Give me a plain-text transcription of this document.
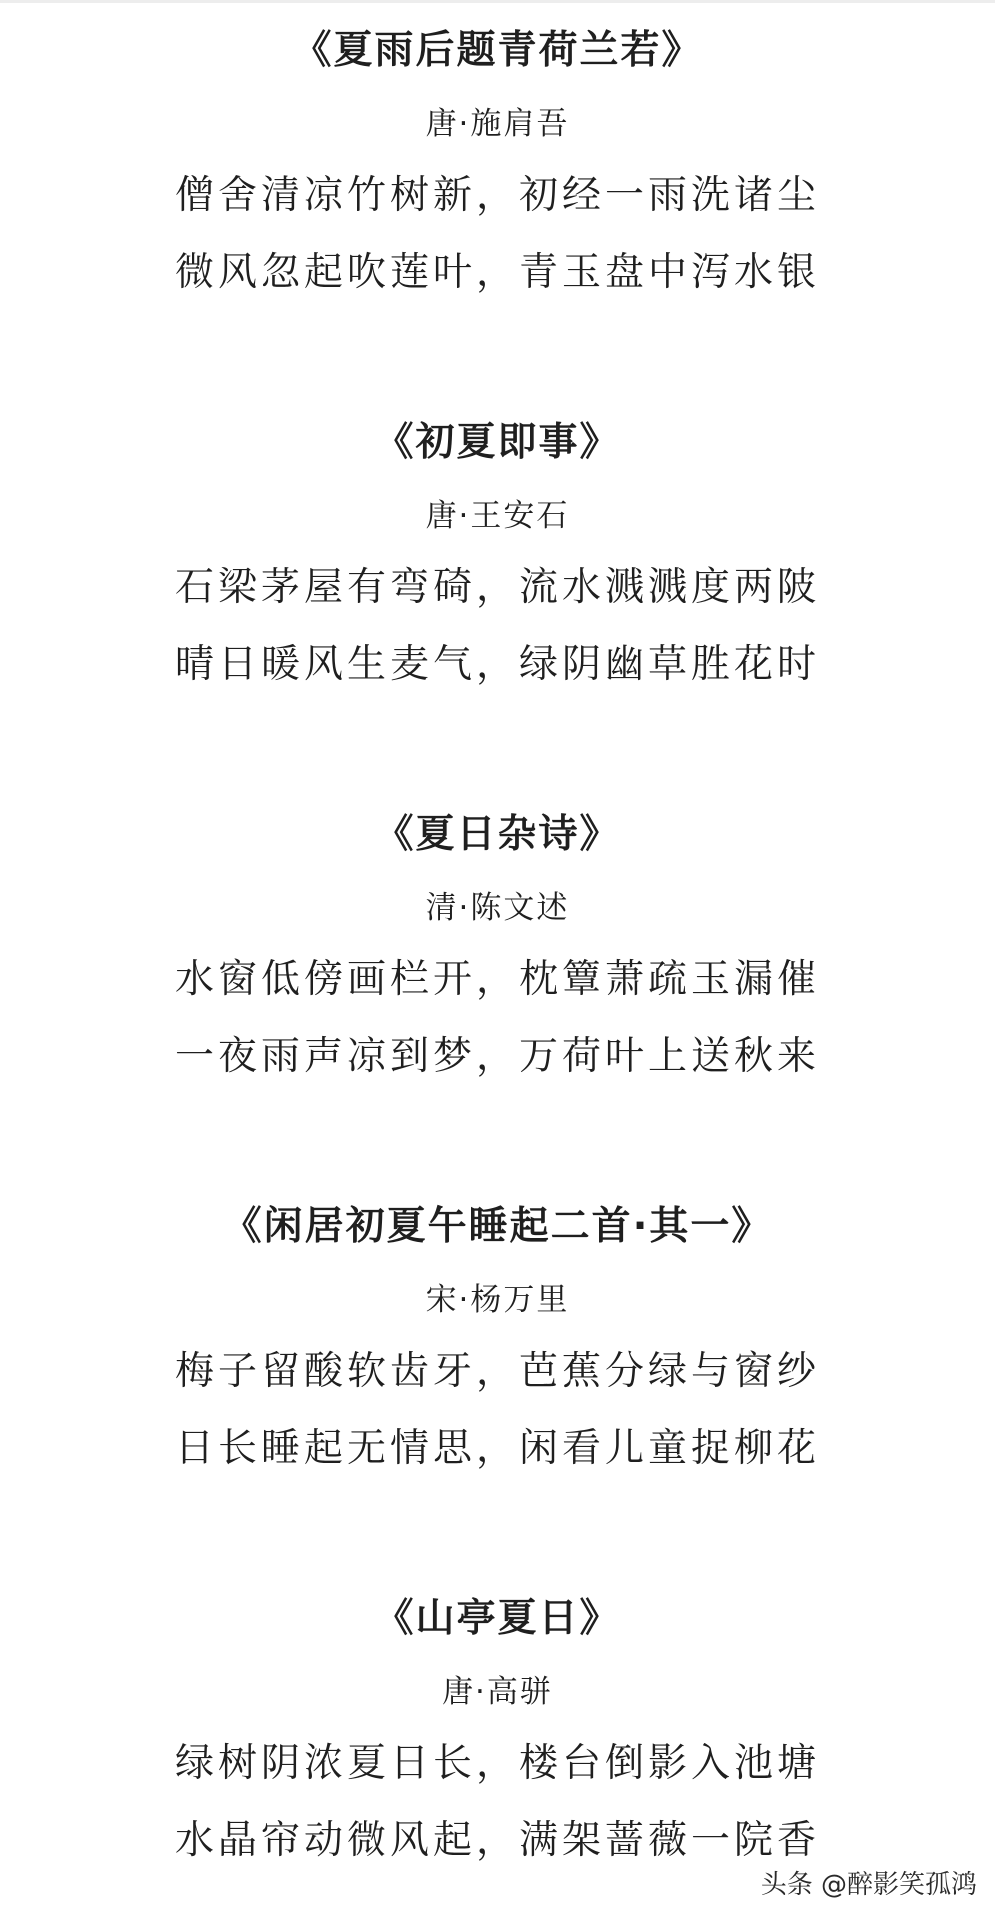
《夏雨后题青荷兰若》
唐·施肩吾
僧舍清凉竹树新，初经一雨洗诸尘
微风忽起吹莲叶，青玉盘中泻水银
《初夏即事》
唐·王安石
石梁茅屋有弯碕，流水溅溅度两陂
晴日暖风生麦气，绿阴幽草胜花时
《夏日杂诗》
清·陈文述
水窗低傍画栏开，枕簟萧疏玉漏催
一夜雨声凉到梦，万荷叶上送秋来
《闲居初夏午睡起二首·其一》
宋·杨万里
梅子留酸软齿牙，芭蕉分绿与窗纱
日长睡起无情思，闲看儿童捉柳花
《山亭夏日》
唐·高骈
绿树阴浓夏日长，楼台倒影入池塘
水晶帘动微风起，满架蔷薇一院香
头条 @醉影笑孤鸿
